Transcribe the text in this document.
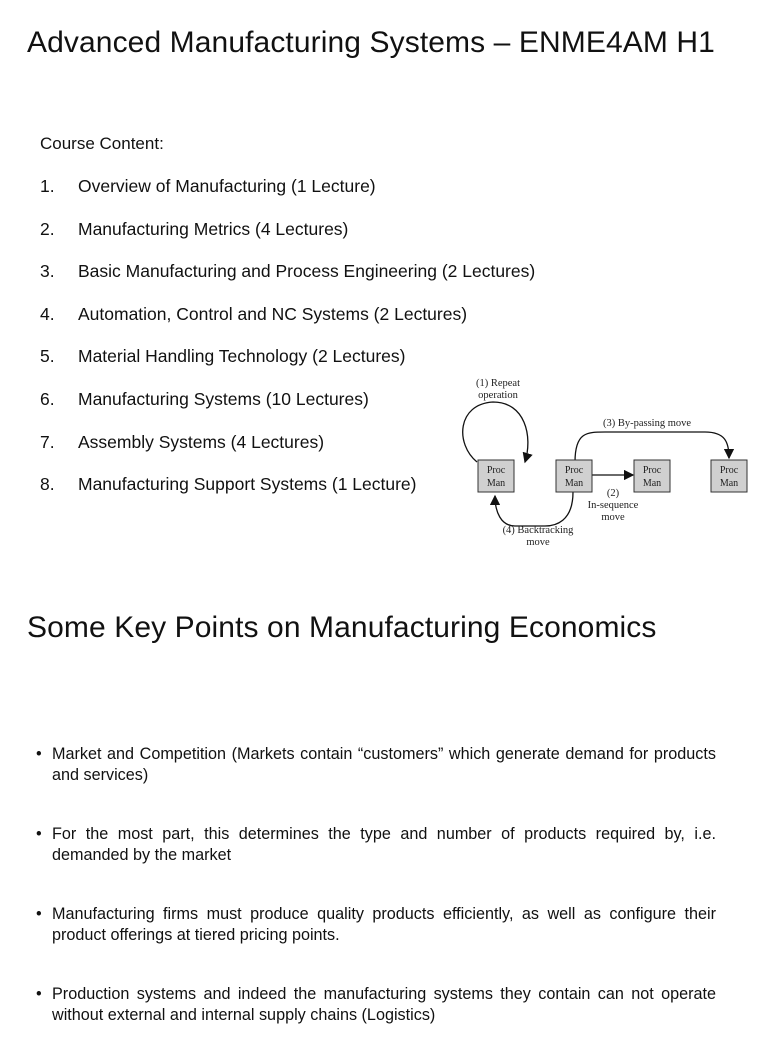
Advanced Manufacturing Systems – ENME4AM H1
Course Content:
1. Overview of Manufacturing (1 Lecture)
2. Manufacturing Metrics (4 Lectures)
3. Basic Manufacturing and Process Engineering (2 Lectures)
4. Automation, Control and NC Systems (2 Lectures)
5. Material Handling Technology (2 Lectures)
6. Manufacturing Systems (10 Lectures)
7. Assembly Systems (4 Lectures)
8. Manufacturing Support Systems (1 Lecture)
Proc
Man
Proc
Man
Proc
Man
Proc
Man
(1) Repeat
operation
(3) By-passing move
(2)
In-sequence
move
(4) Backtracking
move
Some Key Points on Manufacturing Economics
• Market and Competition (Markets contain “customers” which generate demand for products and services)
• For the most part, this determines the type and number of products required by, i.e. demanded by the market
• Manufacturing firms must produce quality products efficiently, as well as configure their product offerings at tiered pricing points.
• Production systems and indeed the manufacturing systems they contain can not operate without external and internal supply chains (Logistics)
